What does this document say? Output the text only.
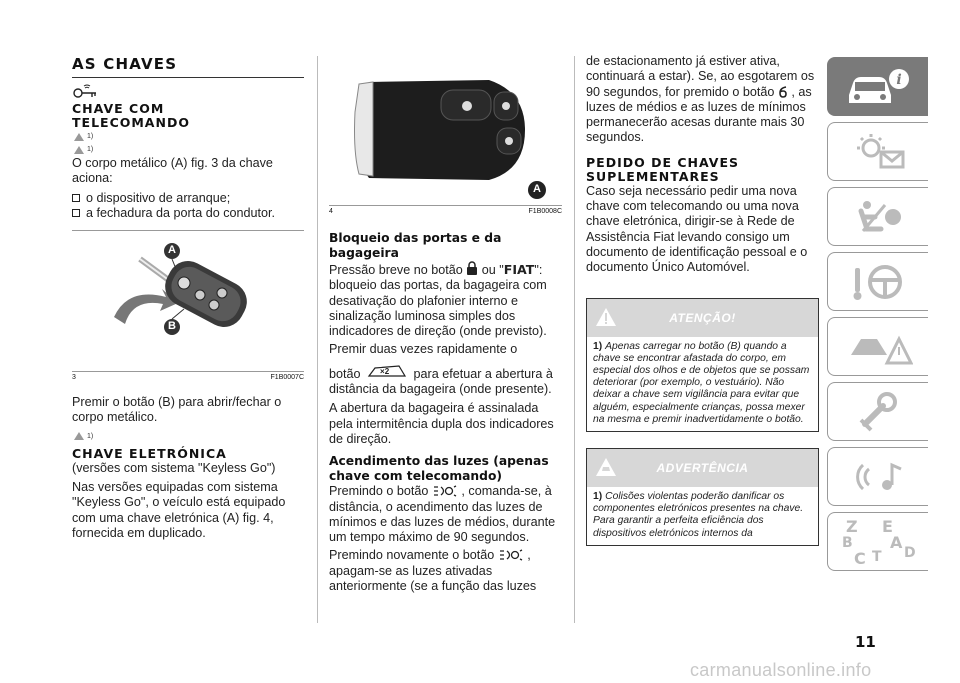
AS CHAVES
CHAVE COM
TELECOMANDO
1)
1)
O corpo metálico (A) fig. 3 da chave aciona:
o dispositivo de arranque;
a fechadura da porta do condutor.
A
B
3	F1B0007C
Premir o botão (B) para abrir/fechar o corpo metálico.
1)
CHAVE ELETRÓNICA
(versões com sistema "Keyless Go")
Nas versões equipadas com sistema "Keyless Go", o veículo está equipado com uma chave eletrónica (A) fig. 4, fornecida em duplicado.
A
4	F1B0008C
Bloqueio das portas e da bagageira
Pressão breve no botão ou "FIAT": bloqueio das portas, da bagageira com desativação do plafonier interno e sinalização luminosa simples dos indicadores de direção (onde previsto).
Premir duas vezes rapidamente o
botão ×2 para efetuar a abertura à distância da bagageira (onde presente).
A abertura da bagageira é assinalada pela intermitência dupla dos indicadores de direção.
Acendimento das luzes (apenas chave com telecomando)
Premindo o botão	, comanda-se, à distância, o acendimento das luzes de mínimos e das luzes de médios, durante um tempo máximo de 90 segundos.
Premindo novamente o botão	, apagam-se as luzes ativadas anteriormente (se a função das luzes
de estacionamento já estiver ativa, continuará a estar). Se, ao esgotarem os 90 segundos, for premido o botão , as luzes de médios e as luzes de mínimos permanecerão acesas durante mais 30 segundos.
PEDIDO DE CHAVES
SUPLEMENTARES
Caso seja necessário pedir uma nova chave com telecomando ou uma nova chave eletrónica, dirigir-se à Rede de Assistência Fiat levando consigo um documento de identificação pessoal e o documento Único Automóvel.
ATENÇÃO!
1) Apenas carregar no botão (B) quando a chave se encontrar afastada do corpo, em especial dos olhos e de objetos que se possam deteriorar (por exemplo, o vestuário). Não deixar a chave sem vigilância para evitar que alguém, especialmente crianças, possa mexer na mesma e premir inadvertidamente o botão.
ADVERTÊNCIA
1) Colisões violentas poderão danificar os componentes eletrónicos presentes na chave. Para garantir a perfeita eficiência dos dispositivos eletrónicos internos da
i
Z E
B A
C T D
11
carmanualsonline.info
